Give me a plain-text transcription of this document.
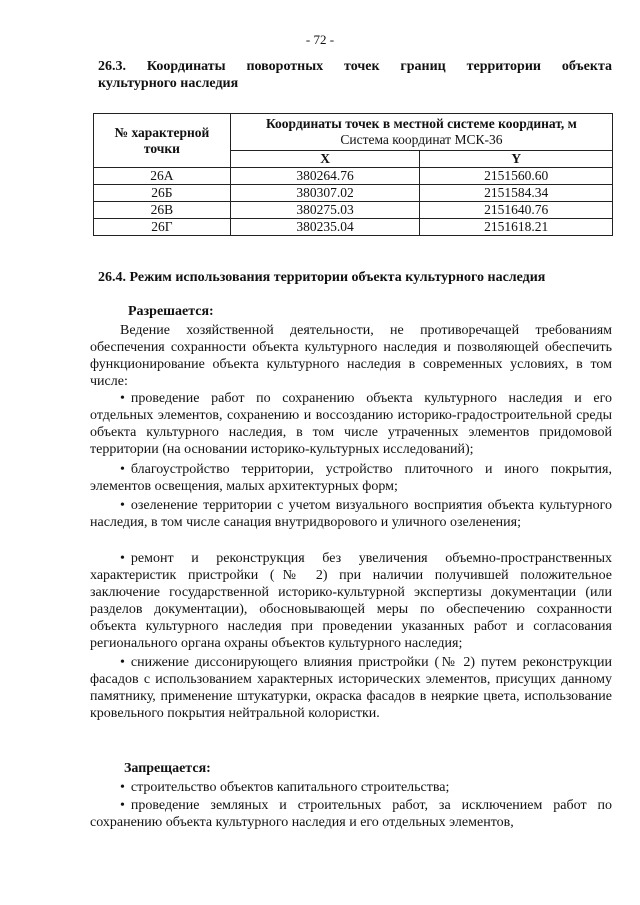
- 72 -
26.3. Координаты поворотных точек границ территории объекта
культурного наследия
№ характерной точки	Координаты точек в местной системе координат, м
Система координат МСК-36	

	X	Y
26А	380264.76	2151560.60
26Б	380307.02	2151584.34
26В	380275.03	2151640.76
26Г	380235.04	2151618.21
26.4. Режим использования территории объекта культурного наследия
Разрешается:
Ведение хозяйственной деятельности, не противоречащей требованиям обеспечения сохранности объекта культурного наследия и позволяющей обеспечить функционирование объекта культурного наследия в современных условиях, в том числе:
• проведение работ по сохранению объекта культурного наследия и его отдельных элементов, сохранению и воссозданию историко-градостроительной среды объекта культурного наследия, в том числе утраченных элементов придомовой территории (на основании историко-культурных исследований);
• благоустройство территории, устройство плиточного и иного покрытия, элементов освещения, малых архитектурных форм;
• озеленение территории с учетом визуального восприятия объекта культурного наследия, в том числе санация внутридворового и уличного озеленения;
• ремонт и реконструкция без увеличения объемно-пространственных характеристик пристройки (№ 2) при наличии получившей положительное заключение государственной историко-культурной экспертизы документации (или разделов документации), обосновывающей меры по обеспечению сохранности объекта культурного наследия при проведении указанных работ и согласования регионального органа охраны объектов культурного наследия;
• снижение диссонирующего влияния пристройки (№ 2) путем реконструкции фасадов с использованием характерных исторических элементов, присущих данному памятнику, применение штукатурки, окраска фасадов в неяркие цвета, использование кровельного покрытия нейтральной колористки.
Запрещается:
• строительство объектов капитального строительства;
• проведение земляных и строительных работ, за исключением работ по сохранению объекта культурного наследия и его отдельных элементов,
